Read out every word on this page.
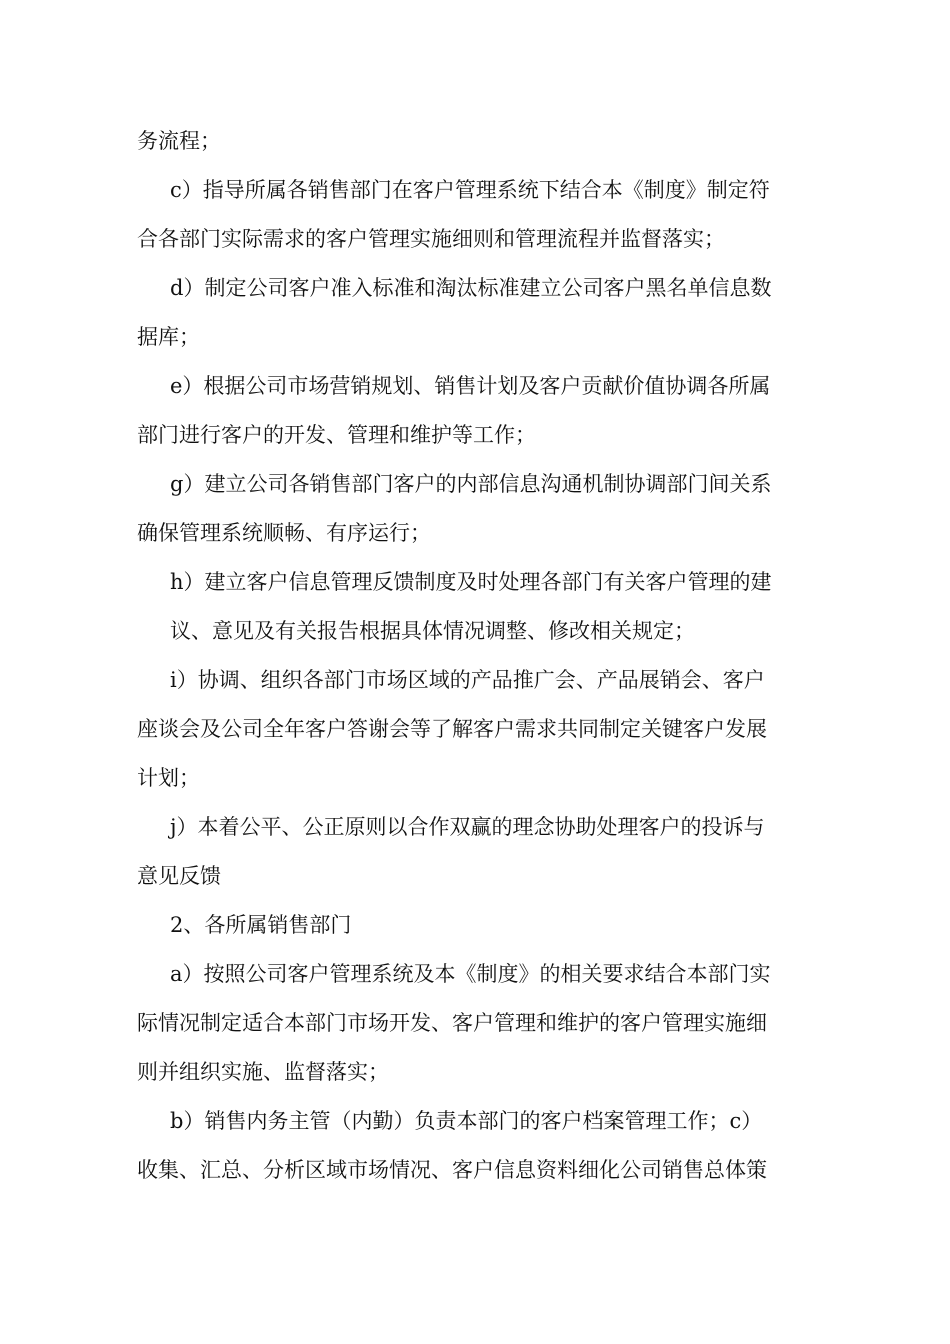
务流程；

c）指导所属各销售部门在客户管理系统下结合本《制度》制定符

合各部门实际需求的客户管理实施细则和管理流程并监督落实；

d）制定公司客户准入标准和淘汰标准建立公司客户黑名单信息数

据库；

e）根据公司市场营销规划、销售计划及客户贡献价值协调各所属

部门进行客户的开发、管理和维护等工作；

g）建立公司各销售部门客户的内部信息沟通机制协调部门间关系

确保管理系统顺畅、有序运行；

h）建立客户信息管理反馈制度及时处理各部门有关客户管理的建

议、意见及有关报告根据具体情况调整、修改相关规定；

i）协调、组织各部门市场区域的产品推广会、产品展销会、客户

座谈会及公司全年客户答谢会等了解客户需求共同制定关键客户发展

计划；

j）本着公平、公正原则以合作双赢的理念协助处理客户的投诉与

意见反馈

2、各所属销售部门

a）按照公司客户管理系统及本《制度》的相关要求结合本部门实

际情况制定适合本部门市场开发、客户管理和维护的客户管理实施细

则并组织实施、监督落实；

b）销售内务主管（内勤）负责本部门的客户档案管理工作；c）

收集、汇总、分析区域市场情况、客户信息资料细化公司销售总体策
